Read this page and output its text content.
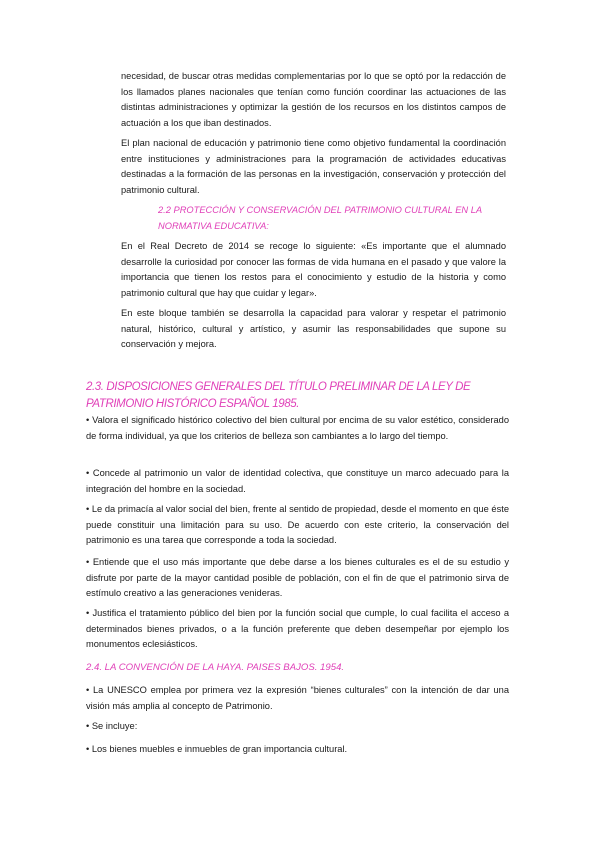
necesidad, de buscar otras medidas complementarias por lo que se optó por la redacción de los llamados planes nacionales que tenían como función coordinar las actuaciones de las distintas administraciones y optimizar la gestión de los recursos en los distintos campos de actuación a los que iban destinados.

El plan nacional de educación y patrimonio tiene como objetivo fundamental la coordinación entre instituciones y administraciones para la programación de actividades educativas destinadas a la formación de las personas en la investigación, conservación y protección del patrimonio cultural.

2.2 PROTECCIÓN Y CONSERVACIÓN DEL PATRIMONIO CULTURAL EN LA NORMATIVA EDUCATIVA:

En el Real Decreto de 2014 se recoge lo siguiente: «Es importante que el alumnado desarrolle la curiosidad por conocer las formas de vida humana en el pasado y que valore la importancia que tienen los restos para el conocimiento y estudio de la historia y como patrimonio cultural que hay que cuidar y legar».

En este bloque también se desarrolla la capacidad para valorar y respetar el patrimonio natural, histórico, cultural y artístico, y asumir las responsabilidades que supone su conservación y mejora.

2.3. DISPOSICIONES GENERALES DEL TÍTULO PRELIMINAR DE LA LEY DE PATRIMONIO HISTÓRICO ESPAÑOL 1985.

• Valora el significado histórico colectivo del bien cultural por encima de su valor estético, considerado de forma individual, ya que los criterios de belleza son cambiantes a lo largo del tiempo.

• Concede al patrimonio un valor de identidad colectiva, que constituye un marco adecuado para la integración del hombre en la sociedad.

• Le da primacía al valor social del bien, frente al sentido de propiedad, desde el momento en que éste puede constituir una limitación para su uso. De acuerdo con este criterio, la conservación del patrimonio es una tarea que corresponde a toda la sociedad.

• Entiende que el uso más importante que debe darse a los bienes culturales es el de su estudio y disfrute por parte de la mayor cantidad posible de población, con el fin de que el patrimonio sirva de estímulo creativo a las generaciones venideras.

• Justifica el tratamiento público del bien por la función social que cumple, lo cual facilita el acceso a determinados bienes privados, o a la función preferente que deben desempeñar por ejemplo los monumentos eclesiásticos.

2.4. LA CONVENCIÓN DE LA HAYA. PAISES BAJOS. 1954.

• La UNESCO emplea por primera vez la expresión “bienes culturales” con la intención de dar una visión más amplia al concepto de Patrimonio.

• Se incluye:

• Los bienes muebles e inmuebles de gran importancia cultural.
